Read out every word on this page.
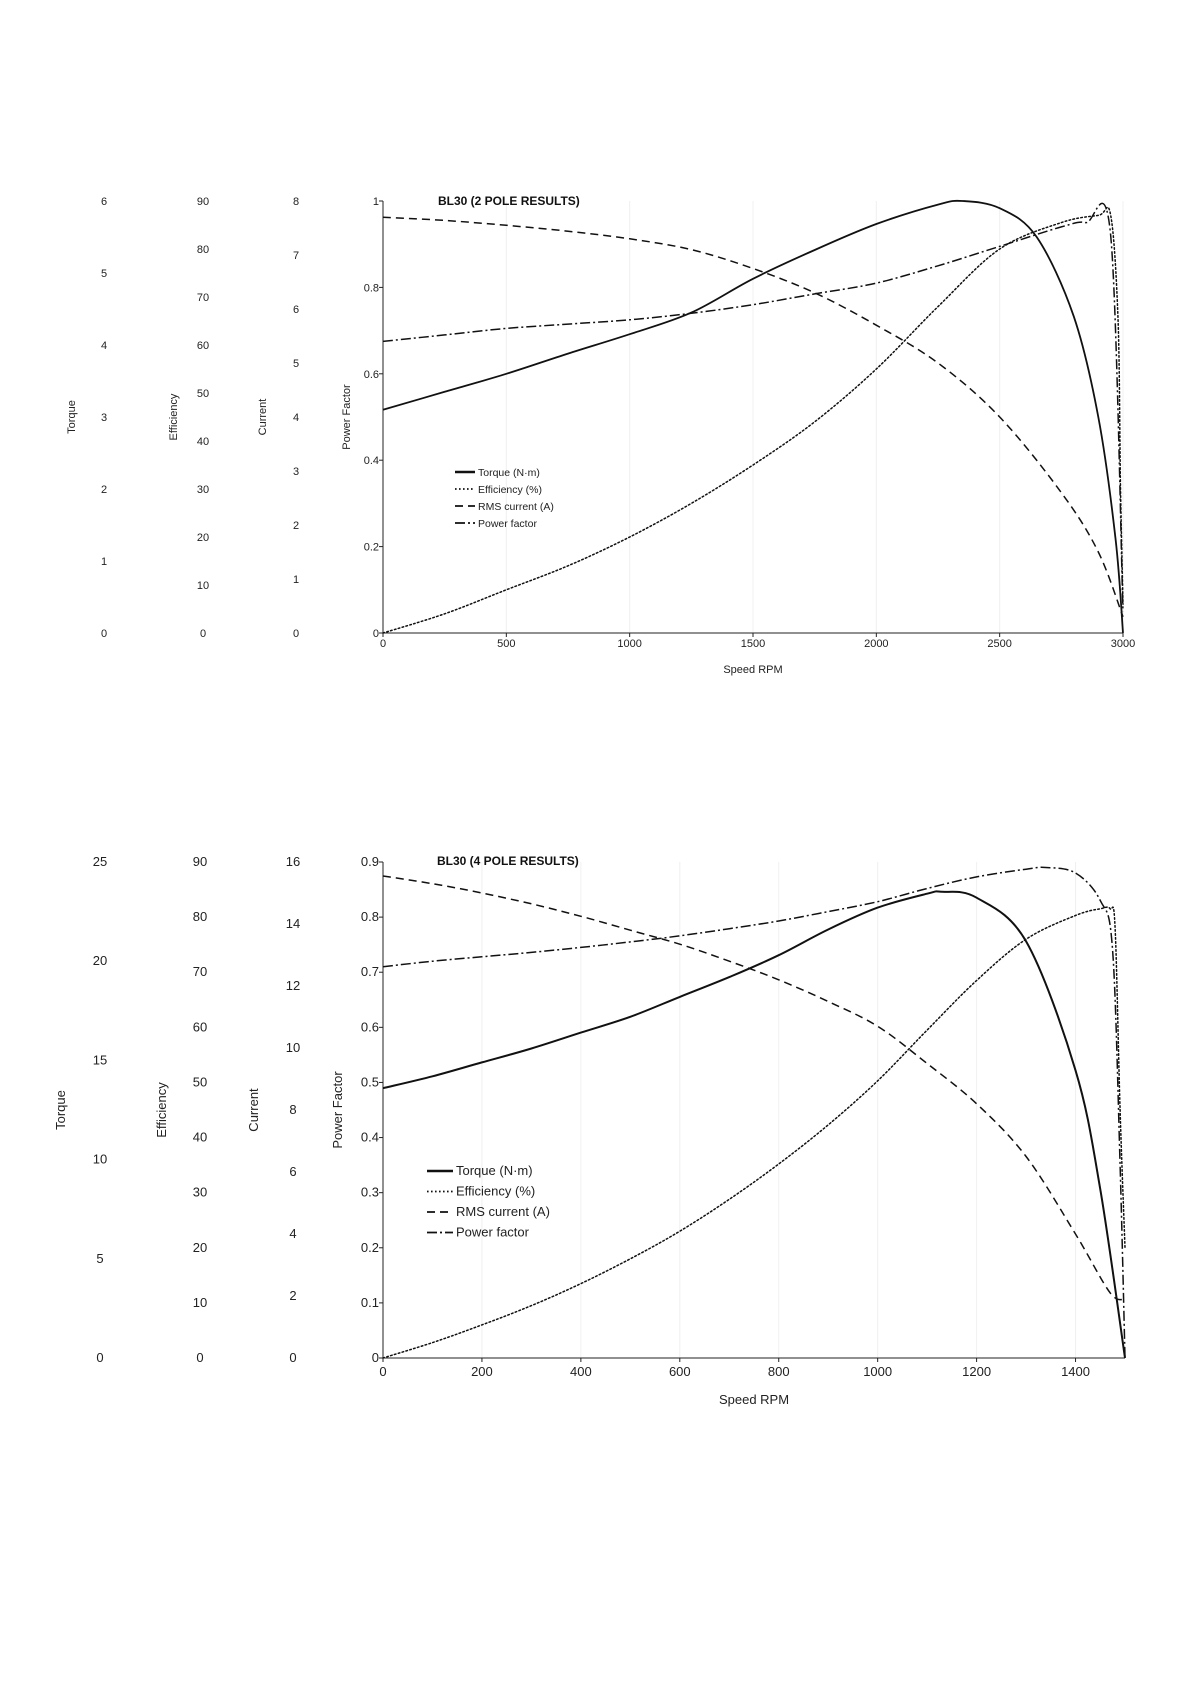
0	500	1000	1500	2000	2500	3000
Speed RPM
0
1
2
3
4
5
6
Torque
0
10
20
30
40
50
60
70
80
90
Efficiency
0
1
2
3
4
5
6
7
8
Current
0
0.2
0.4
0.6
0.8
1
Power Factor
BL30 (2 POLE RESULTS)
Torque (N·m)
Efficiency (%)
RMS current (A)
Power factor
0	200	400	600	800	1000	1200	1400
Speed RPM
0
5
10
15
20
25
Torque
0
10
20
30
40
50
60
70
80
90
Efficiency
0
2
4
6
8
10
12
14
16
Current
0
0.1
0.2
0.3
0.4
0.5
0.6
0.7
0.8
0.9
Power Factor
BL30 (4 POLE RESULTS)
Torque (N·m)
Efficiency (%)
RMS current (A)
Power factor
